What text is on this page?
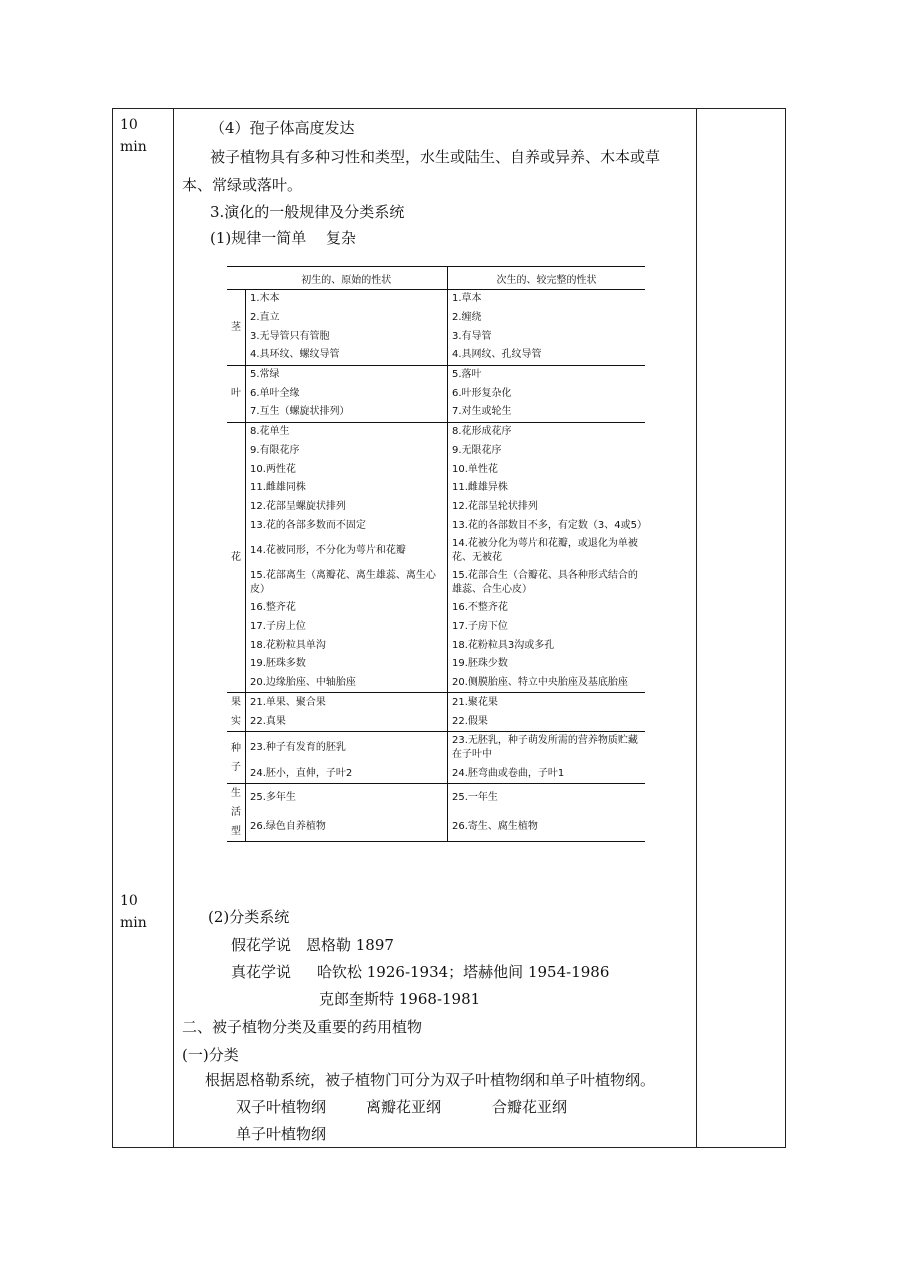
10
min
10
min
（4）孢子体高度发达
被子植物具有多种习性和类型，水生或陆生、自养或异养、木本或草
本、常绿或落叶。
3.演化的一般规律及分类系统
(1)规律一简单　 复杂
	初生的、原始的性状	次生的、较完整的性状
茎	1.木本	1.草本
	2.直立	2.缠绕
	3.无导管只有管胞	3.有导管
	4.具环纹、螺纹导管	4.具网纹、孔纹导管
叶	5.常绿	5.落叶
	6.单叶全缘	6.叶形复杂化
	7.互生（螺旋状排列）	7.对生或轮生
花	8.花单生	8.花形成花序
	9.有限花序	9.无限花序
	10.两性花	10.单性花
	11.雌雄同株	11.雌雄异株
	12.花部呈螺旋状排列	12.花部呈轮状排列
	13.花的各部多数而不固定	13.花的各部数目不多，有定数（3、4或5）
	14.花被同形，不分化为萼片和花瓣	14.花被分化为萼片和花瓣，或退化为单被花、无被花
	15.花部离生（离瓣花、离生雄蕊、离生心皮）	15.花部合生（合瓣花、具各种形式结合的雄蕊、合生心皮）
	16.整齐花	16.不整齐花
	17.子房上位	17.子房下位
	18.花粉粒具单沟	18.花粉粒具3沟或多孔
	19.胚珠多数	19.胚珠少数
	20.边缘胎座、中轴胎座	20.侧膜胎座、特立中央胎座及基底胎座
果实	21.单果、聚合果	21.聚花果
	22.真果	22.假果
种子	23.种子有发育的胚乳	23.无胚乳，种子萌发所需的营养物质贮藏在子叶中
	24.胚小，直伸，子叶2	24.胚弯曲或卷曲，子叶1
生活型	25.多年生	25.一年生
	26.绿色自养植物	26.寄生、腐生植物
(2)分类系统
假花学说　恩格勒 1897
真花学说 哈钦松 1926-1934；塔赫他间 1954-1986
克郎奎斯特 1968-1981
二、被子植物分类及重要的药用植物
(一)分类
根据恩格勒系统，被子植物门可分为双子叶植物纲和单子叶植物纲。
双子叶植物纲	离瓣花亚纲	合瓣花亚纲
单子叶植物纲
